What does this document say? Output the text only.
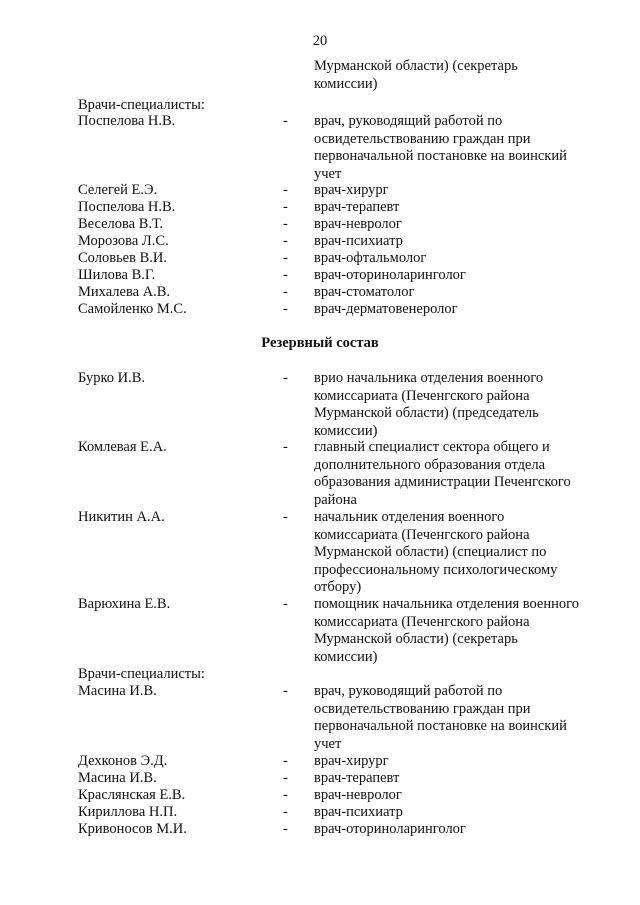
20
Мурманской области) (секретарь
комиссии)
Врачи-специалисты:
Поспелова Н.В.	- врач, руководящий работой по
освидетельствованию граждан при
первоначальной постановке на воинский
учет
Селегей Е.Э.	- врач-хирург
Поспелова Н.В.	- врач-терапевт
Веселова В.Т.	- врач-невролог
Морозова Л.С.	- врач-психиатр
Соловьев В.И.	- врач-офтальмолог
Шилова В.Г.	- врач-оториноларинголог
Михалева А.В.	- врач-стоматолог
Самойленко М.С.	- врач-дерматовенеролог
Резервный состав
Бурко И.В.	- врио начальника отделения военного
комиссариата (Печенгского района
Мурманской области) (председатель
комиссии)
Комлевая Е.А.	- главный специалист сектора общего и
дополнительного образования отдела
образования администрации Печенгского
района
Никитин А.А.	- начальник отделения военного
комиссариата (Печенгского района
Мурманской области) (специалист по
профессиональному психологическому
отбору)
Варюхина Е.В.	- помощник начальника отделения военного
комиссариата (Печенгского района
Мурманской области) (секретарь
комиссии)
Врачи-специалисты:
Масина И.В.	- врач, руководящий работой по
освидетельствованию граждан при
первоначальной постановке на воинский
учет
Дехконов Э.Д.	- врач-хирург
Масина И.В.	- врач-терапевт
Краслянская Е.В.	- врач-невролог
Кириллова Н.П.	- врач-психиатр
Кривоносов М.И.	- врач-оториноларинголог
